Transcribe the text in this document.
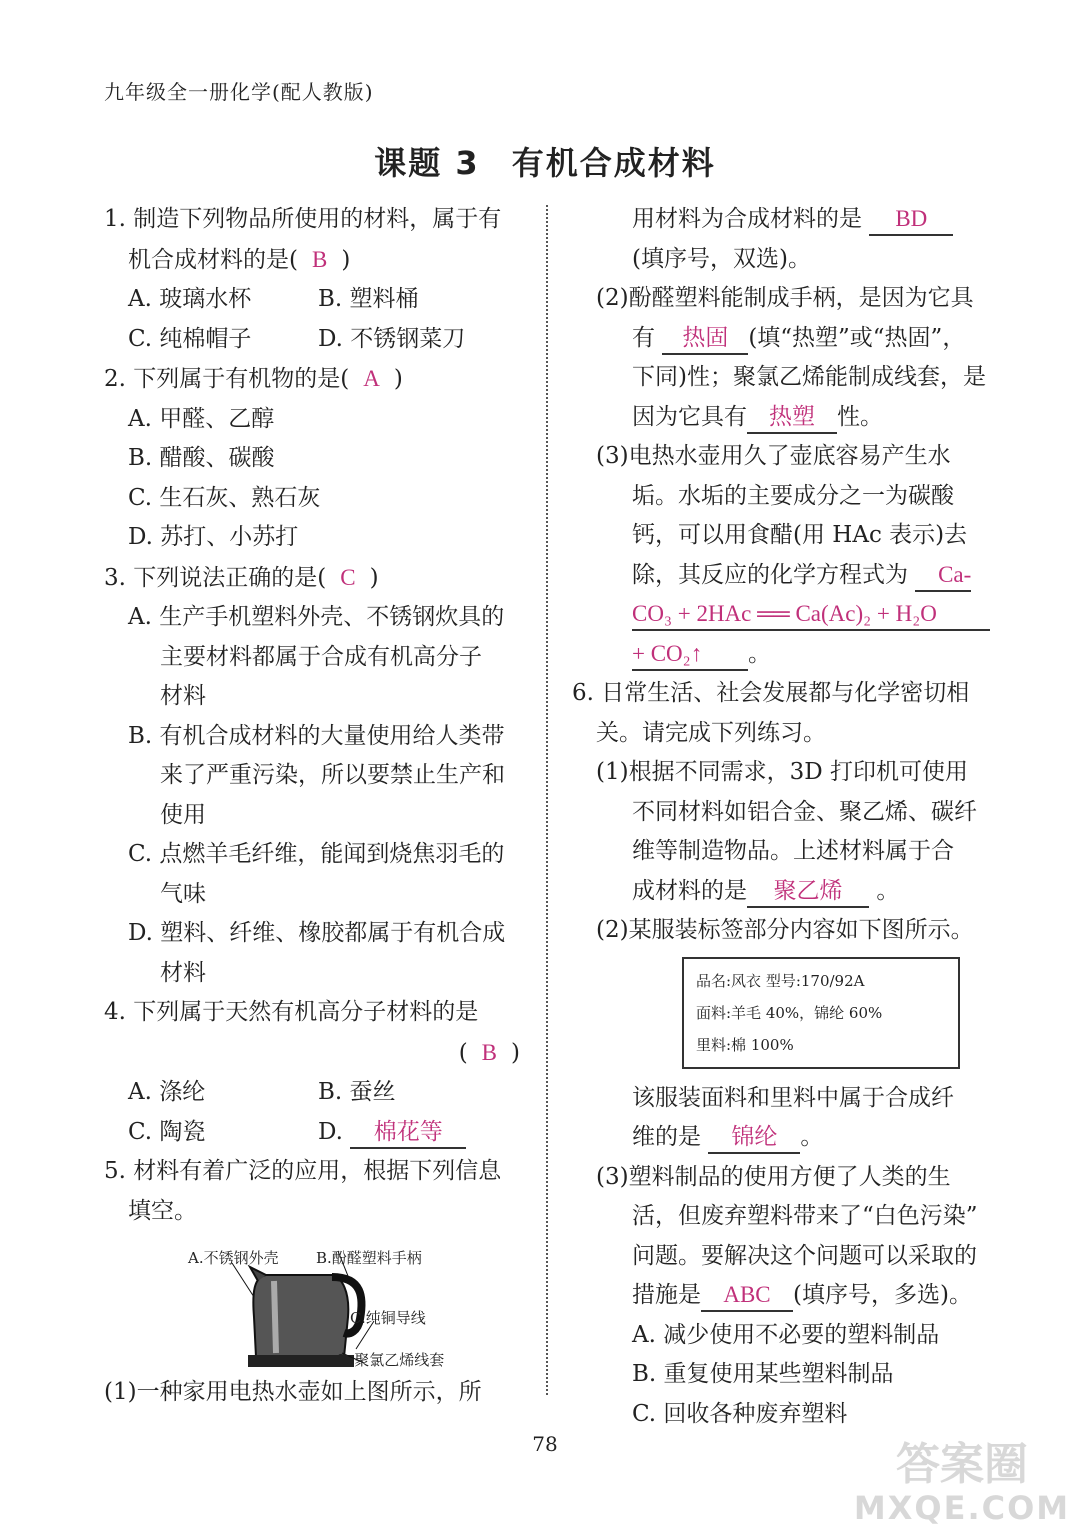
九年级全一册化学(配人教版)
课题 3 有机合成材料

1. 制造下列物品所使用的材料，属于有

机合成材料的是( B )

A. 玻璃水杯	B. 塑料桶

C. 纯棉帽子	D. 不锈钢菜刀

2. 下列属于有机物的是( A )

A. 甲醛、乙醇

B. 醋酸、碳酸

C. 生石灰、熟石灰

D. 苏打、小苏打

3. 下列说法正确的是( C )

A. 生产手机塑料外壳、不锈钢炊具的

主要材料都属于合成有机高分子

材料

B. 有机合成材料的大量使用给人类带

来了严重污染，所以要禁止生产和

使用

C. 点燃羊毛纤维，能闻到烧焦羽毛的

气味

D. 塑料、纤维、橡胶都属于有机合成

材料

4. 下列属于天然有机高分子材料的是

( B )

A. 涤纶	B. 蚕丝

C. 陶瓷	D. 棉花等

5. 材料有着广泛的应用，根据下列信息

填空。

A.不锈钢外壳 B.酚醛塑料手柄
C.纯铜导线
D.聚氯乙烯线套

(1)一种家用电热水壶如上图所示，所

用材料为合成材料的是 BD

(填序号，双选)。

(2)酚醛塑料能制成手柄，是因为它具

有 热固 (填“热塑”或“热固”，

下同)性；聚氯乙烯能制成线套，是

因为它具有 热塑 性。

(3)电热水壶用久了壶底容易产生水

垢。水垢的主要成分之一为碳酸

钙，可以用食醋(用 HAc 表示)去

除，其反应的化学方程式为 Ca-

CO₃ + 2HAc ══ Ca(Ac)₂ + H₂O

+ CO₂↑ 。

6. 日常生活、社会发展都与化学密切相

关。请完成下列练习。

(1)根据不同需求，3D 打印机可使用

不同材料如铝合金、聚乙烯、碳纤

维等制造物品。上述材料属于合

成材料的是 聚乙烯 。

(2)某服装标签部分内容如下图所示。

品名:风衣 型号:170/92A
面料:羊毛 40%，锦纶 60%
里料:棉 100%

该服装面料和里料中属于合成纤

维的是 锦纶 。

(3)塑料制品的使用方便了人类的生

活，但废弃塑料带来了“白色污染”

问题。要解决这个问题可以采取的

措施是 ABC (填序号，多选)。

A. 减少使用不必要的塑料制品

B. 重复使用某些塑料制品

C. 回收各种废弃塑料

78	答案圈
MXQE.COM
